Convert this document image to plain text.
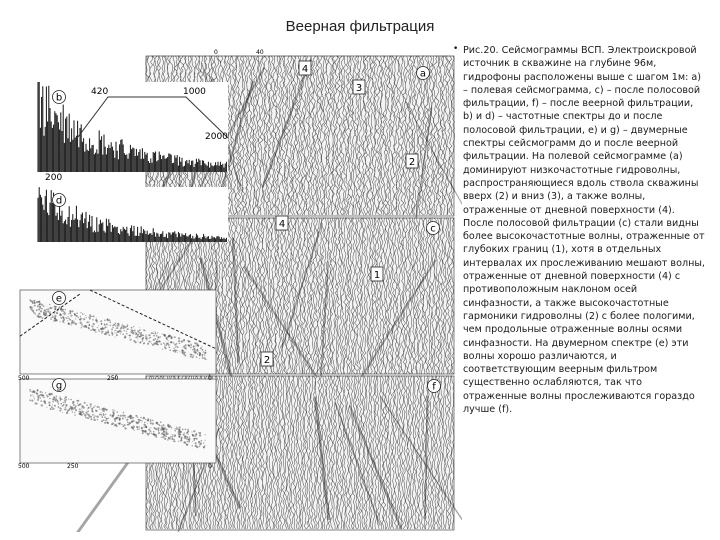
Веерная фильтрация
a
b
c
d
e
f
g
4
3
2
4
1
2
420	1000
2000
200
0	40
500	250	0
500	250	0
• Рис.20. Сейсмограммы ВСП. Электроискровой источник в скважине на глубине 96м, гидрофоны расположены выше с шагом 1м: a) – полевая сейсмограмма, c) – после полосовой фильтрации, f) – после веерной фильтрации, b) и d) – частотные спектры до и после полосовой фильтрации, e) и g) – двумерные спектры сейсмограмм до и после веерной фильтрации. На полевой сейсмограмме (a) доминируют низкочастотные гидроволны, распространяющиеся вдоль ствола скважины вверх (2) и вниз (3), а также волны, отраженные от дневной поверхности (4). После полосовой фильтрации (c) стали видны более высокочастотные волны, отраженные от глубоких границ (1), хотя в отдельных интервалах их прослеживанию мешают волны, отраженные от дневной поверхности (4) с противоположным наклоном осей синфазности, а также высокочастотные гармоники гидроволны (2) с более пологими, чем продольные отраженные волны осями синфазности. На двумерном спектре (e) эти волны хорошо различаются, и соответствующим веерным фильтром существенно ослабляются, так что отраженные волны прослеживаются гораздо лучше (f).
